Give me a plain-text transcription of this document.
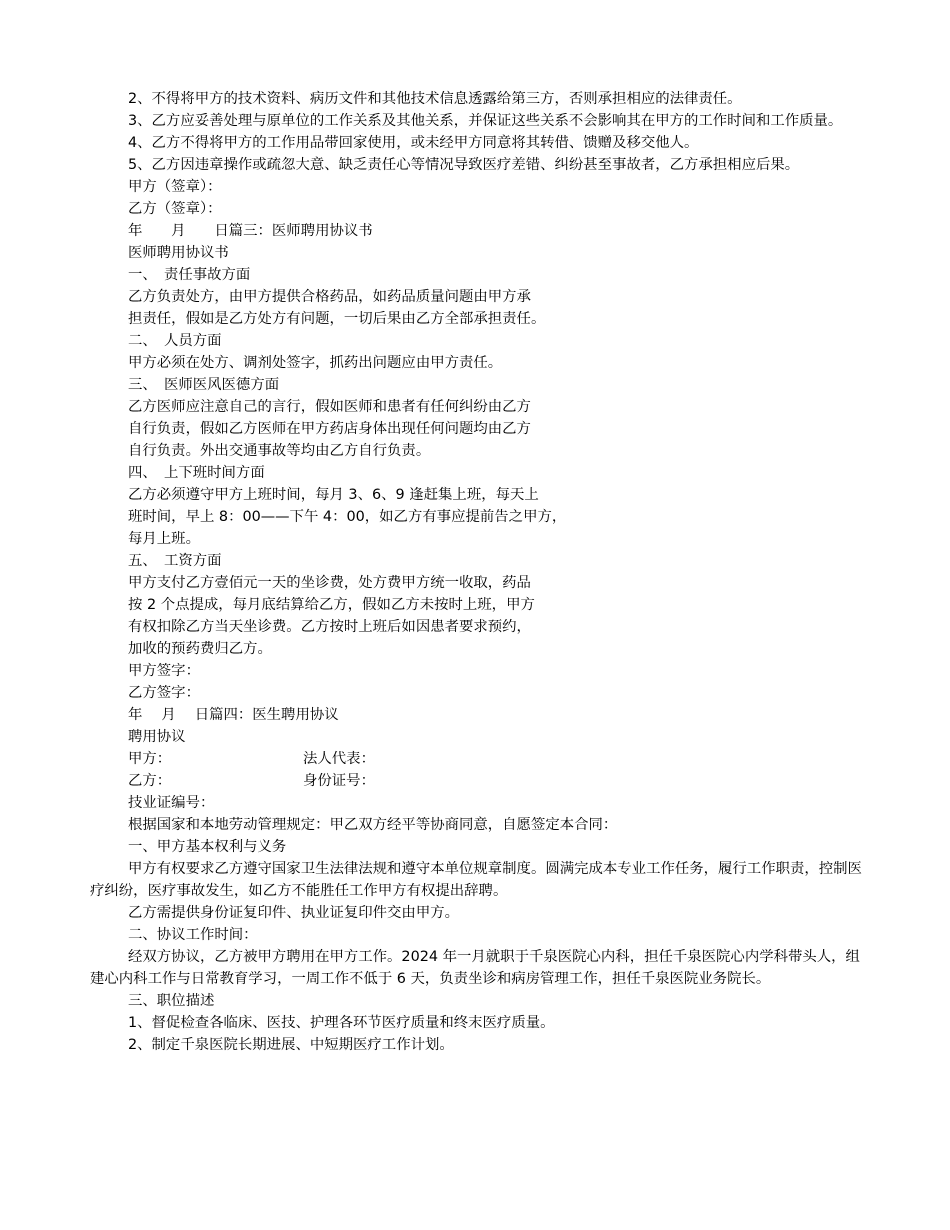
2、不得将甲方的技术资料、病历文件和其他技术信息透露给第三方，否则承担相应的法律责任。

3、乙方应妥善处理与原单位的工作关系及其他关系，并保证这些关系不会影响其在甲方的工作时间和工作质量。

4、乙方不得将甲方的工作用品带回家使用，或未经甲方同意将其转借、馈赠及移交他人。

5、乙方因违章操作或疏忽大意、缺乏责任心等情况导致医疗差错、纠纷甚至事故者，乙方承担相应后果。

甲方（签章）：

乙方（签章）：

年　　月　　日篇三：医师聘用协议书

医师聘用协议书

一、　责任事故方面

乙方负责处方，由甲方提供合格药品，如药品质量问题由甲方承

担责任，假如是乙方处方有问题，一切后果由乙方全部承担责任。

二、　人员方面

甲方必须在处方、调剂处签字，抓药出问题应由甲方责任。

三、　医师医风医德方面

乙方医师应注意自己的言行，假如医师和患者有任何纠纷由乙方

自行负责，假如乙方医师在甲方药店身体出现任何问题均由乙方

自行负责。外出交通事故等均由乙方自行负责。

四、　上下班时间方面

乙方必须遵守甲方上班时间，每月 3、6、9 逢赶集上班，每天上

班时间，早上 8：00——下午 4：00，如乙方有事应提前告之甲方，

每月上班。

五、　工资方面

甲方支付乙方壹佰元一天的坐诊费，处方费甲方统一收取，药品

按 2 个点提成，每月底结算给乙方，假如乙方未按时上班，甲方

有权扣除乙方当天坐诊费。乙方按时上班后如因患者要求预约，

加收的预药费归乙方。

甲方签字：

乙方签字：

年　 月　 日篇四：医生聘用协议

聘用协议

甲方：	法人代表：
乙方：	身份证号：

技业证编号：

根据国家和本地劳动管理规定：甲乙双方经平等协商同意，自愿签定本合同：

一、甲方基本权利与义务

甲方有权要求乙方遵守国家卫生法律法规和遵守本单位规章制度。圆满完成本专业工作任务，履行工作职责，控制医疗纠纷，医疗事故发生，如乙方不能胜任工作甲方有权提出辞聘。

乙方需提供身份证复印件、执业证复印件交由甲方。

二、协议工作时间：

经双方协议，乙方被甲方聘用在甲方工作。2024 年一月就职于千泉医院心内科，担任千泉医院心内学科带头人，组建心内科工作与日常教育学习，一周工作不低于 6 天，负责坐诊和病房管理工作，担任千泉医院业务院长。

三、职位描述

1、督促检查各临床、医技、护理各环节医疗质量和终末医疗质量。

2、制定千泉医院长期进展、中短期医疗工作计划。
